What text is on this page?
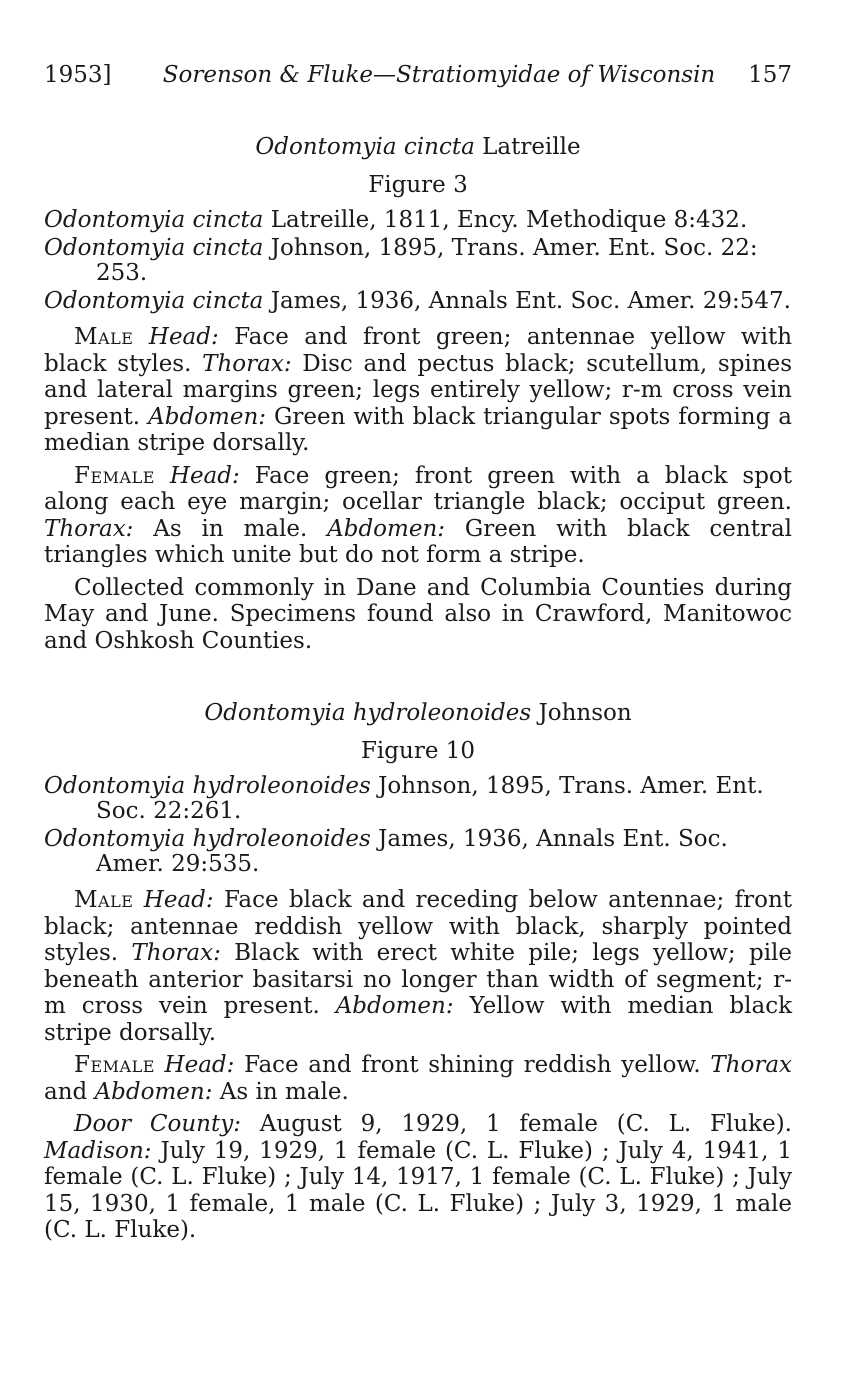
1953]	Sorenson & Fluke—Stratiomyidae of Wisconsin	157
Odontomyia cincta Latreille
Figure 3
Odontomyia cincta Latreille, 1811, Ency. Methodique 8:432.
Odontomyia cincta Johnson, 1895, Trans. Amer. Ent. Soc. 22: 253.
Odontomyia cincta James, 1936, Annals Ent. Soc. Amer. 29:547.

Male Head: Face and front green; antennae yellow with black styles. Thorax: Disc and pectus black; scutellum, spines and lateral margins green; legs entirely yellow; r-m cross vein present. Abdomen: Green with black triangular spots forming a median stripe dorsally.

Female Head: Face green; front green with a black spot along each eye margin; ocellar triangle black; occiput green. Thorax: As in male. Abdomen: Green with black central triangles which unite but do not form a stripe.

Collected commonly in Dane and Columbia Counties during May and June. Specimens found also in Crawford, Manitowoc and Oshkosh Counties.

Odontomyia hydroleonoides Johnson
Figure 10
Odontomyia hydroleonoides Johnson, 1895, Trans. Amer. Ent. Soc. 22:261.
Odontomyia hydroleonoides James, 1936, Annals Ent. Soc. Amer. 29:535.

Male Head: Face black and receding below antennae; front black; antennae reddish yellow with black, sharply pointed styles. Thorax: Black with erect white pile; legs yellow; pile beneath anterior basitarsi no longer than width of segment; r-m cross vein present. Abdomen: Yellow with median black stripe dorsally.

Female Head: Face and front shining reddish yellow. Thorax and Abdomen: As in male.

Door County: August 9, 1929, 1 female (C. L. Fluke). Madison: July 19, 1929, 1 female (C. L. Fluke) ; July 4, 1941, 1 female (C. L. Fluke) ; July 14, 1917, 1 female (C. L. Fluke) ; July 15, 1930, 1 female, 1 male (C. L. Fluke) ; July 3, 1929, 1 male (C. L. Fluke).
